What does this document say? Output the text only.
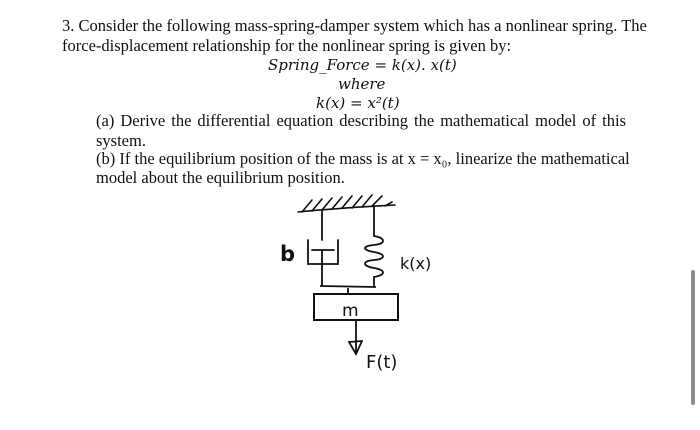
3. Consider the following mass-spring-damper system which has a nonlinear spring. The
force-displacement relationship for the nonlinear spring is given by:
Spring_Force = k(x). x(t)
where
k(x) = x²(t)
(a) Derive the differential equation describing the mathematical model of this
system.
(b) If the equilibrium position of the mass is at x = x₀, linearize the mathematical
model about the equilibrium position.
b	k(x)
m
F(t)
